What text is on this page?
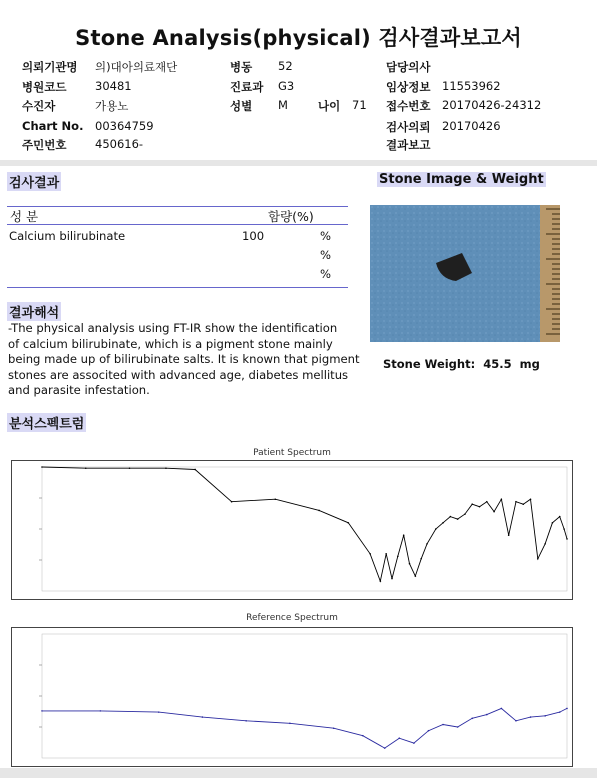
Stone Analysis(physical) 검사결과보고서
의뢰기관명 의)대아의료재단	병동 52	담당의사
병원코드 30481	진료과 G3	임상정보 11553962
수진자	가용노	성별 M	나이 71 접수번호 20170426-24312
Chart No. 00364759	검사의뢰 20170426
주민번호 450616-	결과보고
검사결과
성 분	함량(%)
Calcium bilirubinate	100	%
%
%
결과해석
-The physical analysis using FT-IR show the identification
of calcium bilirubinate, which is a pigment stone mainly
being made up of bilirubinate salts. It is known that pigment
stones are associted with advanced age, diabetes mellitus
and parasite infestation.
Stone Image & Weight
Stone Weight: 45.5 mg
분석스펙트럼
Patient Spectrum
Reference Spectrum
